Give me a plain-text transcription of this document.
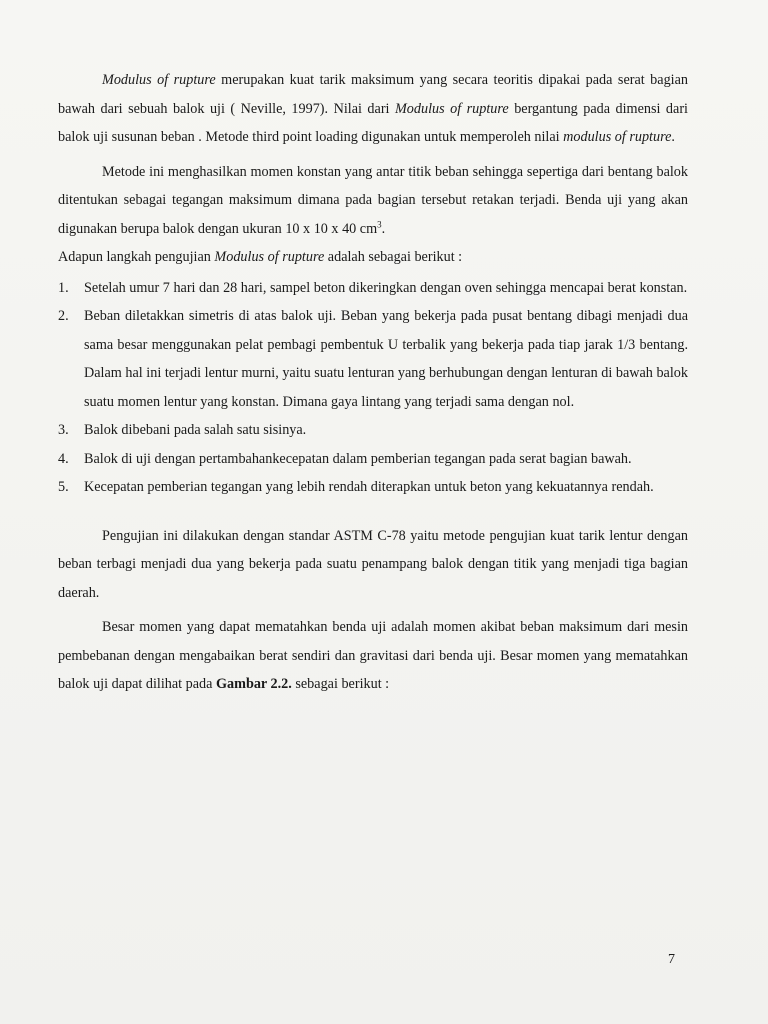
Modulus of rupture merupakan kuat tarik maksimum yang secara teoritis dipakai pada serat bagian bawah dari sebuah balok uji ( Neville, 1997). Nilai dari Modulus of rupture bergantung pada dimensi dari balok uji susunan beban . Metode third point loading digunakan untuk memperoleh nilai modulus of rupture.

Metode ini menghasilkan momen konstan yang antar titik beban sehingga sepertiga dari bentang balok ditentukan sebagai tegangan maksimum dimana pada bagian tersebut retakan terjadi. Benda uji yang akan digunakan berupa balok dengan ukuran 10 x 10 x 40 $cm^3$.

Adapun langkah pengujian Modulus of rupture adalah sebagai berikut :

1. Setelah umur 7 hari dan 28 hari, sampel beton dikeringkan dengan oven sehingga mencapai berat konstan.
2. Beban diletakkan simetris di atas balok uji. Beban yang bekerja pada pusat bentang dibagi menjadi dua sama besar menggunakan pelat pembagi pembentuk U terbalik yang bekerja pada tiap jarak 1/3 bentang. Dalam hal ini terjadi lentur murni, yaitu suatu lenturan yang berhubungan dengan lenturan di bawah balok suatu momen lentur yang konstan. Dimana gaya lintang yang terjadi sama dengan nol.
3. Balok dibebani pada salah satu sisinya.
4. Balok di uji dengan pertambahankecepatan dalam pemberian tegangan pada serat bagian bawah.
5. Kecepatan pemberian tegangan yang lebih rendah diterapkan untuk beton yang kekuatannya rendah.

Pengujian ini dilakukan dengan standar ASTM C-78 yaitu metode pengujian kuat tarik lentur dengan beban terbagi menjadi dua yang bekerja pada suatu penampang balok dengan titik yang menjadi tiga bagian daerah.

Besar momen yang dapat mematahkan benda uji adalah momen akibat beban maksimum dari mesin pembebanan dengan mengabaikan berat sendiri dan gravitasi dari benda uji. Besar momen yang mematahkan balok uji dapat dilihat pada Gambar 2.2. sebagai berikut :

7
